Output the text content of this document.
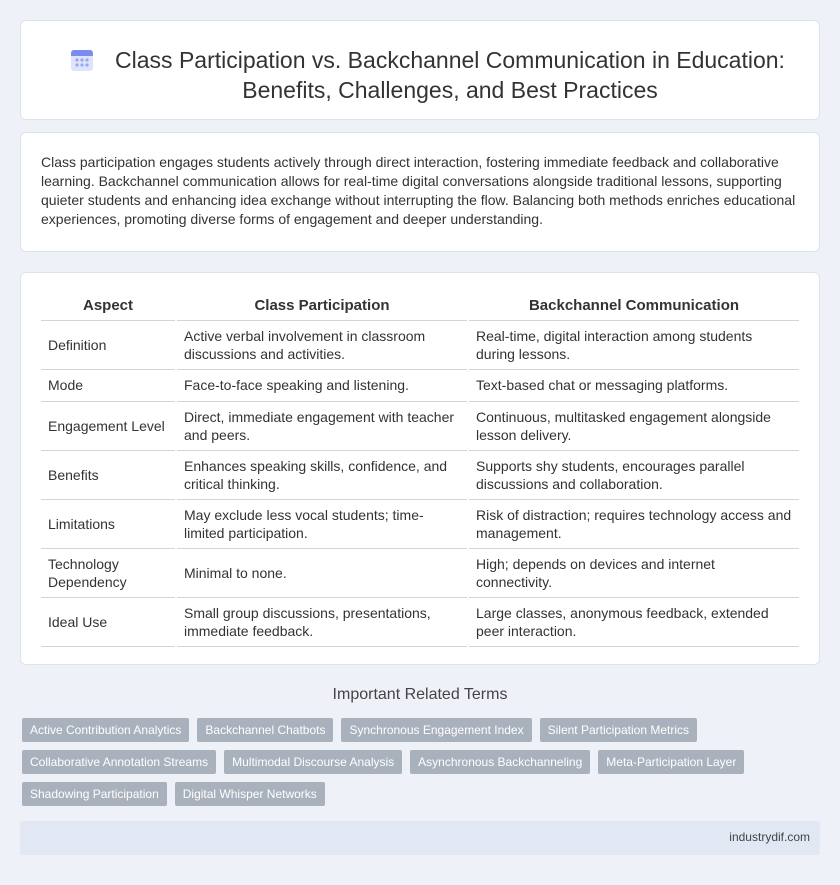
Class Participation vs. Backchannel Communication in Education: Benefits, Challenges, and Best Practices

Class participation engages students actively through direct interaction, fostering immediate feedback and collaborative learning. Backchannel communication allows for real-time digital conversations alongside traditional lessons, supporting quieter students and enhancing idea exchange without interrupting the flow. Balancing both methods enriches educational experiences, promoting diverse forms of engagement and deeper understanding.

Aspect	Class Participation	Backchannel Communication
Definition	Active verbal involvement in classroom discussions and activities.	Real-time, digital interaction among students during lessons.
Mode	Face-to-face speaking and listening.	Text-based chat or messaging platforms.
Engagement Level	Direct, immediate engagement with teacher and peers.	Continuous, multitasked engagement alongside lesson delivery.
Benefits	Enhances speaking skills, confidence, and critical thinking.	Supports shy students, encourages parallel discussions and collaboration.
Limitations	May exclude less vocal students; time-limited participation.	Risk of distraction; requires technology access and management.
Technology Dependency	Minimal to none.	High; depends on devices and internet connectivity.
Ideal Use	Small group discussions, presentations, immediate feedback.	Large classes, anonymous feedback, extended peer interaction.
Important Related Terms
Active Contribution Analytics	Backchannel Chatbots	Synchronous Engagement Index	Silent Participation Metrics
Collaborative Annotation Streams	Multimodal Discourse Analysis	Asynchronous Backchanneling	Meta-Participation Layer
Shadowing Participation	Digital Whisper Networks
industrydif.com
